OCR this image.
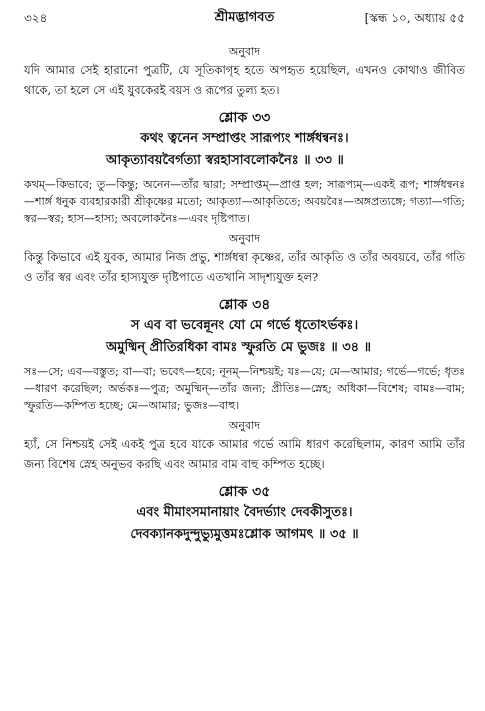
৩২৪	শ্রীমদ্ভাগবত	[স্কন্ধ ১০, অধ্যায় ৫৫
অনুবাদ

যদি আমার সেই হারানো পুত্রটি, যে সূতিকাগৃহ হতে অপহৃত হয়েছিল, এখনও কোথাও জীবিত থাকে, তা হলে সে এই যুবকেরই বয়স ও রূপের তুল্য হত।

শ্লোক ৩৩
কথং ত্বনেন সম্প্রাপ্তং সারূপ্যং শার্ঙ্গধন্বনঃ।
আকৃত্যাবয়বৈর্গত্যা স্বরহাসাবলোকনৈঃ ॥ ৩৩ ॥

কথম্—কিভাবে; তু—কিন্তু; অনেন—তাঁর দ্বারা; সম্প্রাপ্তম্—প্রাপ্ত হল; সারূপ্যম্—একই রূপ; শার্ঙ্গধন্বনঃ—শার্ঙ্গ ধনুক ব্যবহারকারী শ্রীকৃষ্ণের মতো; আকৃত্যা—আকৃতিতে; অবয়বৈঃ—অঙ্গপ্রত্যঙ্গে; গত্যা—গতি; স্বর—স্বর; হাস—হাস্য; অবলোকনৈঃ—এবং দৃষ্টিপাত।

অনুবাদ

কিন্তু কিভাবে এই যুবক, আমার নিজ প্রভু, শার্ঙ্গধন্বা কৃষ্ণের, তাঁর আকৃতি ও তাঁর অবয়বে, তাঁর গতি ও তাঁর স্বর এবং তাঁর হাস্যযুক্ত দৃষ্টিপাতে এতখানি সাদৃশ্যযুক্ত হল?

শ্লোক ৩৪
স এব বা ভবেন্নূনং যো মে গর্ভে ধৃতোঽর্ভকঃ।
অমুষ্মিন্ প্রীতিরধিকা বামঃ স্ফুরতি মে ভুজঃ ॥ ৩৪ ॥

সঃ—সে; এব—বস্তুত; বা—বা; ভবেৎ—হবে; নূনম্—নিশ্চয়ই; যঃ—যে; মে—আমার; গর্ভে—গর্ভে; ধৃতঃ—ধারণ করেছিল; অর্ভকঃ—পুত্র; অমুষ্মিন্—তাঁর জন্য; প্রীতিঃ—স্নেহ; অধিকা—বিশেষ; বামঃ—বাম; স্ফুরতি—কম্পিত হচ্ছে; মে—আমার; ভুজঃ—বাহু।

অনুবাদ

হ্যাঁ, সে নিশ্চয়ই সেই একই পুত্র হবে যাকে আমার গর্ভে আমি ধারণ করেছিলাম, কারণ আমি তাঁর জন্য বিশেষ স্নেহ অনুভব করছি এবং আমার বাম বাহু কম্পিত হচ্ছে।

শ্লোক ৩৫
এবং মীমাংসমানায়াং বৈদর্ভ্যাং দেবকীসুতঃ।
দেবক্যানকদুন্দুভ্যুমুত্তমঃশ্লোক আগমৎ ॥ ৩৫ ॥
